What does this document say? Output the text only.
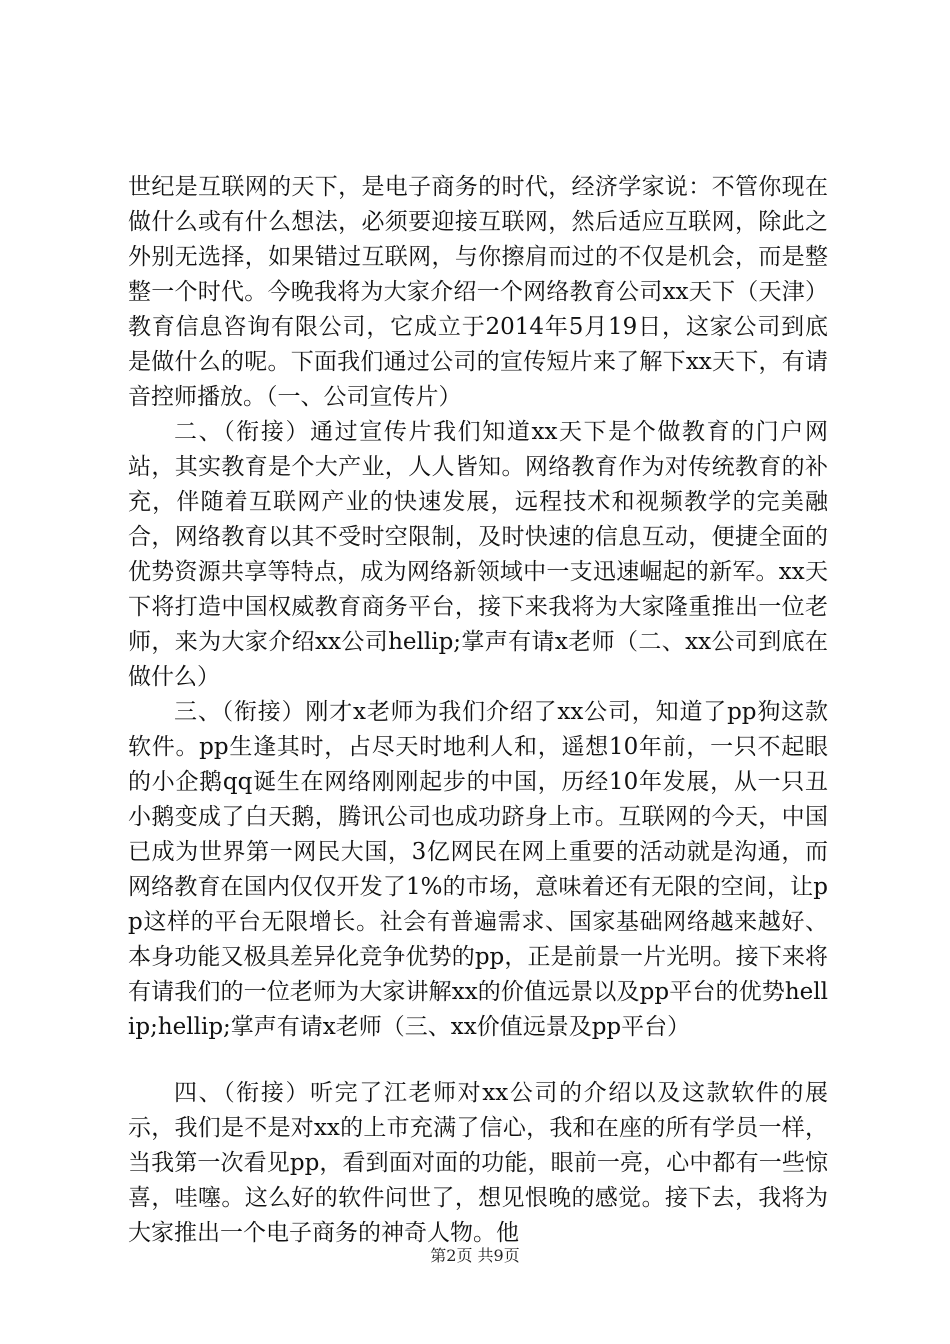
世纪是互联网的天下，是电子商务的时代，经济学家说：不管你现在做什么或有什么想法，必须要迎接互联网，然后适应互联网，除此之外别无选择，如果错过互联网，与你擦肩而过的不仅是机会，而是整整一个时代。今晚我将为大家介绍一个网络教育公司xx天下（天津）教育信息咨询有限公司，它成立于2014年5月19日，这家公司到底是做什么的呢。下面我们通过公司的宣传短片来了解下xx天下，有请音控师播放。（一、公司宣传片）

二、（衔接）通过宣传片我们知道xx天下是个做教育的门户网站，其实教育是个大产业，人人皆知。网络教育作为对传统教育的补充，伴随着互联网产业的快速发展，远程技术和视频教学的完美融合，网络教育以其不受时空限制，及时快速的信息互动，便捷全面的优势资源共享等特点，成为网络新领域中一支迅速崛起的新军。xx天下将打造中国权威教育商务平台，接下来我将为大家隆重推出一位老师，来为大家介绍xx公司hellip;掌声有请x老师（二、xx公司到底在做什么）

三、（衔接）刚才x老师为我们介绍了xx公司，知道了pp狗这款软件。pp生逢其时，占尽天时地利人和，遥想10年前，一只不起眼的小企鹅qq诞生在网络刚刚起步的中国，历经10年发展，从一只丑小鹅变成了白天鹅，腾讯公司也成功跻身上市。互联网的今天，中国已成为世界第一网民大国，3亿网民在网上重要的活动就是沟通，而网络教育在国内仅仅开发了1%的市场，意味着还有无限的空间，让pp这样的平台无限增长。社会有普遍需求、国家基础网络越来越好、本身功能又极具差异化竞争优势的pp，正是前景一片光明。接下来将有请我们的一位老师为大家讲解xx的价值远景以及pp平台的优势hellip;hellip;掌声有请x老师（三、xx价值远景及pp平台）

四、（衔接）听完了江老师对xx公司的介绍以及这款软件的展示，我们是不是对xx的上市充满了信心，我和在座的所有学员一样，当我第一次看见pp，看到面对面的功能，眼前一亮，心中都有一些惊喜，哇噻。这么好的软件问世了，想见恨晚的感觉。接下去，我将为大家推出一个电子商务的神奇人物。他

第2页 共9页
